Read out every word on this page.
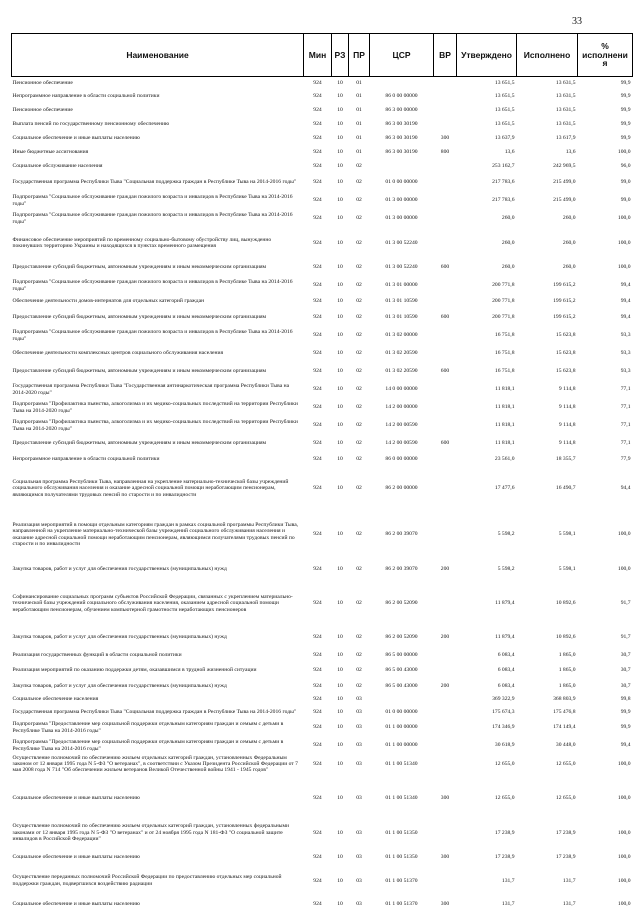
33
Наименование	Мин	РЗ	ПР	ЦСР	ВР	Утверждено	Исполнено	% исполнени я
Пенсионное обеспечение	924	10	01			13 651,5	13 631,5	99,9
Непрограммное направление в области социальной политики	924	10	01	86 0 00 00000		13 651,5	13 631,5	99,9
Пенсионное обеспечение	924	10	01	86 3 00 00000		13 651,5	13 631,5	99,9
Выплата пенсий по государственному пенсионному обеспечению	924	10	01	86 3 00 30190		13 651,5	13 631,5	99,9
Социальное обеспечение и иные выплаты населению	924	10	01	86 3 00 30190	300	13 637,9	13 617,9	99,9
Иные бюджетные ассигнования	924	10	01	86 3 00 30190	800	13,6	13,6	100,0
Социальное обслуживание населения	924	10	02			253 162,7	242 969,5	96,0
Государственная программа Республики Тыва "Социальная поддержка граждан в Республике Тыва на 2014-2016 годы"	924	10	02	01 0 00 00000		217 783,6	215 499,0	99,0
Подпрограмма "Социальное обслуживание граждан пожилого возраста и инвалидов в Республике Тыва на 2014-2016 годы"	924	10	02	01 3 00 00000		217 783,6	215 499,0	99,0
Подпрограмма "Социальное обслуживание граждан пожилого возраста и инвалидов в Республике Тыва на 2014-2016 годы"	924	10	02	01 3 00 00000		260,0	260,0	100,0
Финансовое обеспечение мероприятий по временному социально-бытовому обустройству лиц, вынужденно покинувших территорию Украины и находящихся в пунктах временного размещения	924	10	02	01 3 00 52240		260,0	260,0	100,0
Предоставление субсидий бюджетным, автономным учреждениям и иным некоммерческим организациям	924	10	02	01 3 00 52240	600	260,0	260,0	100,0
Подпрограмма "Социальное обслуживание граждан пожилого возраста и инвалидов в Республике Тыва на 2014-2016 годы"	924	10	02	01 3 01 00000		200 771,8	199 615,2	99,4
Обеспечение деятельности домов-интернатов для отдельных категорий граждан	924	10	02	01 3 01 10590		200 771,8	199 615,2	99,4
Предоставление субсидий бюджетным, автономным учреждениям и иным некоммерческим организациям	924	10	02	01 3 01 10590	600	200 771,8	199 615,2	99,4
Подпрограмма "Социальное обслуживание граждан пожилого возраста и инвалидов в Республике Тыва на 2014-2016 годы"	924	10	02	01 3 02 00000		16 751,8	15 623,8	93,3
Обеспечение деятельности комплексных центров социального обслуживания населения	924	10	02	01 3 02 20590		16 751,8	15 623,8	93,3
Предоставление субсидий бюджетным, автономным учреждениям и иным некоммерческим организациям	924	10	02	01 3 02 20590	600	16 751,8	15 623,8	93,3
Государственная программа Республики Тыва "Государственная антинаркотическая программа Республики Тыва на 2014-2020 годы"	924	10	02	14 0 00 00000		11 818,1	9 114,8	77,1
Подпрограмма "Профилактика пьянства, алкоголизма и их медико-социальных последствий на территории Республики Тыва на 2014-2020 годы"	924	10	02	14 2 00 00000		11 818,1	9 114,8	77,1
Подпрограмма "Профилактика пьянства, алкоголизма и их медико-социальных последствий на территории Республики Тыва на 2014-2020 годы"	924	10	02	14 2 00 00590		11 818,1	9 114,8	77,1
Предоставление субсидий бюджетным, автономным учреждениям и иным некоммерческим организациям	924	10	02	14 2 00 00590	600	11 818,1	9 114,8	77,1
Непрограммное направление в области социальной политики	924	10	02	86 0 00 00000		23 561,0	18 355,7	77,9
Социальная программа Республики Тыва, направленная на укрепление материально-технической базы учреждений социального обслуживания населения и оказание адресной социальной помощи неработающим пенсионерам, являющимся получателями трудовых пенсий по старости и по инвалидности	924	10	02	86 2 00 00000		17 477,6	16 490,7	94,4
Реализация мероприятий в помощи отдельным категориям граждан в рамках социальной программы Республики Тыва, направленной на укрепление материально-технической базы учреждений социального обслуживания населения и оказание адресной социальной помощи неработающим пенсионерам, являющимся получателями трудовых пенсий по старости и по инвалидности	924	10	02	86 2 00 39070		5 598,2	5 598,1	100,0
Закупка товаров, работ и услуг для обеспечения государственных (муниципальных) нужд	924	10	02	86 2 00 39070	200	5 598,2	5 598,1	100,0
Софинансирование социальных программ субъектов Российской Федерации, связанных с укреплением материально-технической базы учреждений социального обслуживания населения, оказанием адресной социальной помощи неработающим пенсионерам, обучением компьютерной грамотности неработающих пенсионеров	924	10	02	86 2 00 52090		11 879,4	10 892,6	91,7
Закупка товаров, работ и услуг для обеспечения государственных (муниципальных) нужд	924	10	02	86 2 00 52090	200	11 879,4	10 892,6	91,7
Реализация государственных функций в области социальной политики	924	10	02	86 5 00 00000		6 083,4	1 865,0	30,7
Реализация мероприятий по оказанию поддержки детям, оказавшимся в трудной жизненной ситуации	924	10	02	86 5 00 43000		6 083,4	1 865,0	30,7
Закупка товаров, работ и услуг для обеспечения государственных (муниципальных) нужд	924	10	02	86 5 00 43000	200	6 083,4	1 865,0	30,7
Социальное обеспечение населения	924	10	03			369 322,9	368 803,9	99,8
Государственная программа Республики Тыва "Социальная поддержка граждан в Республике Тыва на 2014-2016 годы"	924	10	03	01 0 00 00000		175 674,3	175 476,8	99,9
Подпрограмма "Предоставление мер социальной поддержки отдельным категориям граждан и семьям с детьми в Республике Тыва на 2014-2016 годы"	924	10	03	01 1 00 00000		174 346,9	174 149,4	99,9
Подпрограмма "Предоставление мер социальной поддержки отдельным категориям граждан и семьям с детьми в Республике Тыва на 2014-2016 годы"	924	10	03	01 1 00 00000		30 618,9	30 448,0	99,4
Осуществление полномочий по обеспечению жильем отдельных категорий граждан, установленных Федеральным законом от 12 января 1995 года N 5-ФЗ "О ветеранах", в соответствии с Указом Президента Российской Федерации от 7 мая 2008 года N 714 "Об обеспечении жильем ветеранов Великой Отечественной войны 1941 - 1945 годов"	924	10	03	01 1 00 51340		12 655,0	12 655,0	100,0
Социальное обеспечение и иные выплаты населению	924	10	03	01 1 00 51340	300	12 655,0	12 655,0	100,0
Осуществление полномочий по обеспечению жильем отдельных категорий граждан, установленных федеральными законами от 12 января 1995 года N 5-ФЗ "О ветеранах" и от 24 ноября 1995 года N 181-ФЗ "О социальной защите инвалидов в Российской Федерации"	924	10	03	01 1 00 51350		17 238,9	17 238,9	100,0
Социальное обеспечение и иные выплаты населению	924	10	03	01 1 00 51350	300	17 238,9	17 238,9	100,0
Осуществление переданных полномочий Российской Федерации по предоставлению отдельных мер социальной поддержки граждан, подвергшихся воздействию радиации	924	10	03	01 1 00 51370		131,7	131,7	100,0
Социальное обеспечение и иные выплаты населению	924	10	03	01 1 00 51370	300	131,7	131,7	100,0
